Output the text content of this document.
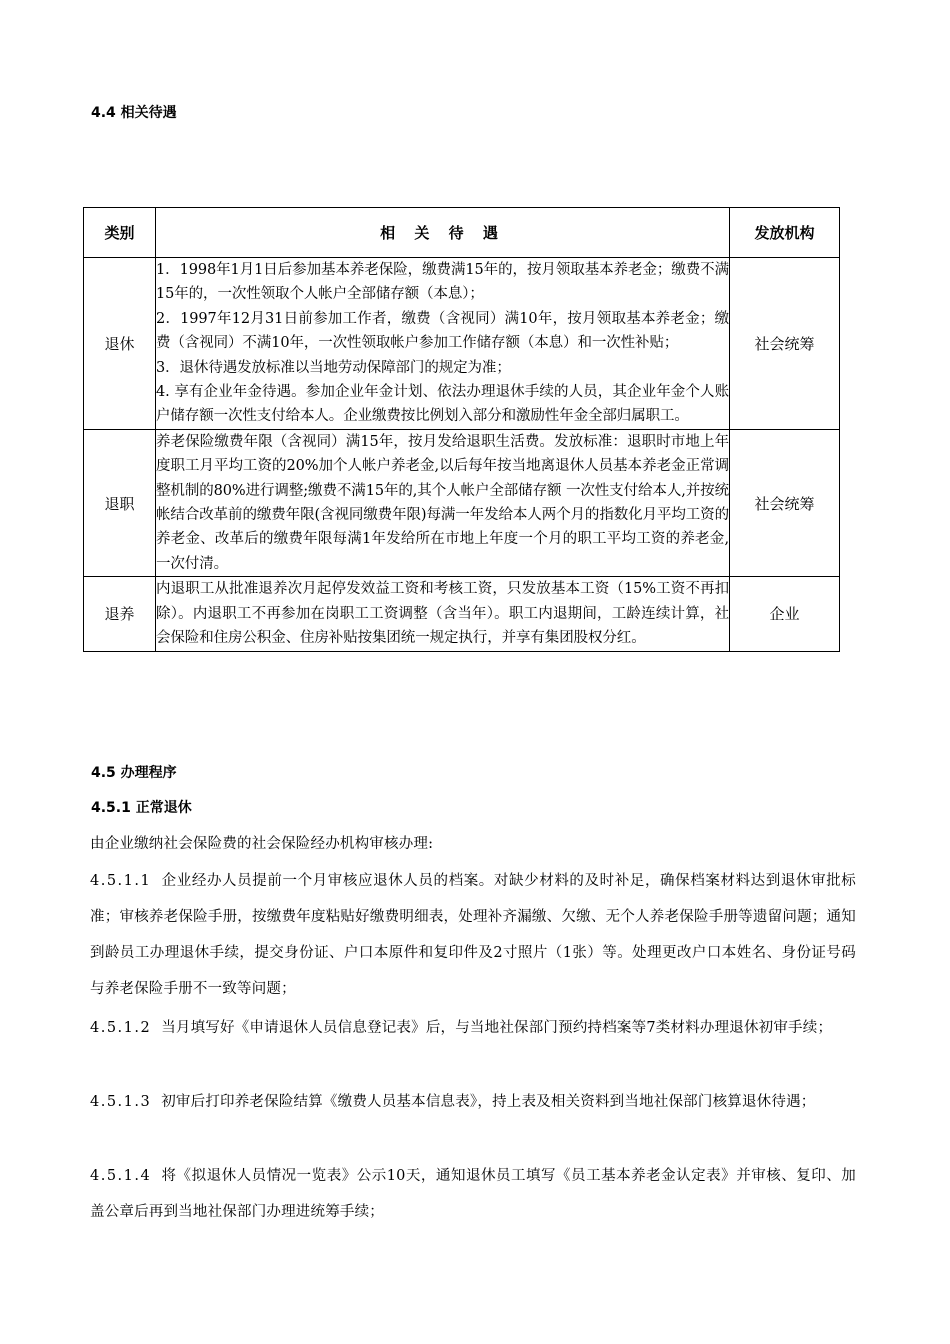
4.4 相关待遇
类别	相 关 待 遇	发放机构
退休	1．1998年1月1日后参加基本养老保险，缴费满15年的，按月领取基本养老金；缴费不满15年的，一次性领取个人帐户全部储存额（本息）；

2．1997年12月31日前参加工作者，缴费（含视同）满10年，按月领取基本养老金；缴费（含视同）不满10年，一次性领取帐户参加工作储存额（本息）和一次性补贴；

3．退休待遇发放标准以当地劳动保障部门的规定为准；

4. 享有企业年金待遇。参加企业年金计划、依法办理退休手续的人员，其企业年金个人账户储存额一次性支付给本人。企业缴费按比例划入部分和激励性年金全部归属职工。	社会统筹
退职	养老保险缴费年限（含视同）满15年，按月发给退职生活费。发放标准：退职时市地上年度职工月平均工资的20%加个人帐户养老金,以后每年按当地离退休人员基本养老金正常调整机制的80%进行调整;缴费不满15年的,其个人帐户全部储存额 一次性支付给本人,并按统帐结合改革前的缴费年限(含视同缴费年限)每满一年发给本人两个月的指数化月平均工资的养老金、改革后的缴费年限每满1年发给所在市地上年度一个月的职工平均工资的养老金,一次付清。	社会统筹
退养	内退职工从批准退养次月起停发效益工资和考核工资，只发放基本工资（15%工资不再扣除）。内退职工不再参加在岗职工工资调整（含当年）。职工内退期间，工龄连续计算，社会保险和住房公积金、住房补贴按集团统一规定执行，并享有集团股权分红。	企业
4.5 办理程序
4.5.1 正常退休
由企业缴纳社会保险费的社会保险经办机构审核办理:
4.5.1.1 企业经办人员提前一个月审核应退休人员的档案。对缺少材料的及时补足，确保档案材料达到退休审批标准；审核养老保险手册，按缴费年度粘贴好缴费明细表，处理补齐漏缴、欠缴、无个人养老保险手册等遗留问题；通知到龄员工办理退休手续，提交身份证、户口本原件和复印件及2寸照片（1张）等。处理更改户口本姓名、身份证号码与养老保险手册不一致等问题；
4.5.1.2 当月填写好《申请退休人员信息登记表》后，与当地社保部门预约持档案等7类材料办理退休初审手续；
4.5.1.3 初审后打印养老保险结算《缴费人员基本信息表》，持上表及相关资料到当地社保部门核算退休待遇；
4.5.1.4 将《拟退休人员情况一览表》公示10天，通知退休员工填写《员工基本养老金认定表》并审核、复印、加盖公章后再到当地社保部门办理进统筹手续；
